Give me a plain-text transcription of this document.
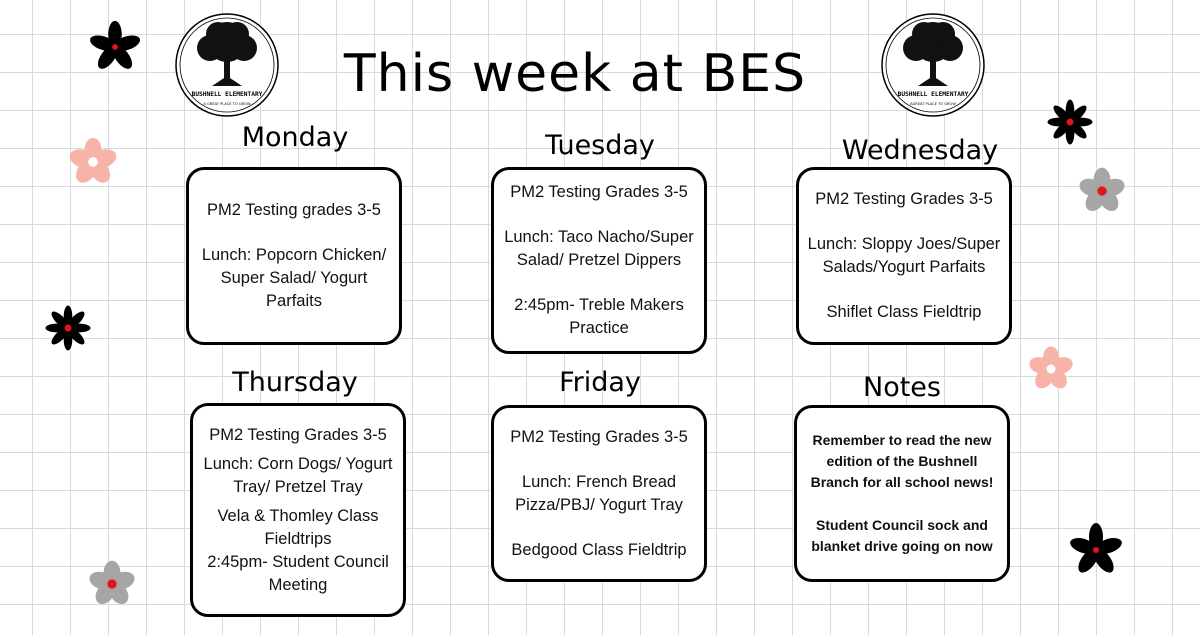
BUSHNELL ELEMENTARY
A GREAT PLACE TO GROW
BUSHNELL ELEMENTARY
AGREAT PLACE TO GROW
This week at BES
Monday

PM2 Testing grades 3-5

Lunch: Popcorn Chicken/ Super Salad/ Yogurt Parfaits

Tuesday

PM2 Testing Grades 3-5

Lunch: Taco Nacho/Super Salad/ Pretzel Dippers

2:45pm- Treble Makers Practice

Wednesday

PM2 Testing Grades 3-5

Lunch: Sloppy Joes/Super Salads/Yogurt Parfaits

Shiflet Class Fieldtrip

Thursday

PM2 Testing Grades 3-5

Lunch: Corn Dogs/ Yogurt Tray/ Pretzel Tray

Vela & Thomley Class Fieldtrips

2:45pm- Student Council Meeting

Friday

PM2 Testing Grades 3-5

Lunch: French Bread Pizza/PBJ/ Yogurt Tray

Bedgood Class Fieldtrip

Notes

Remember to read the new edition of the Bushnell Branch for all school news!

Student Council sock and blanket drive going on now
